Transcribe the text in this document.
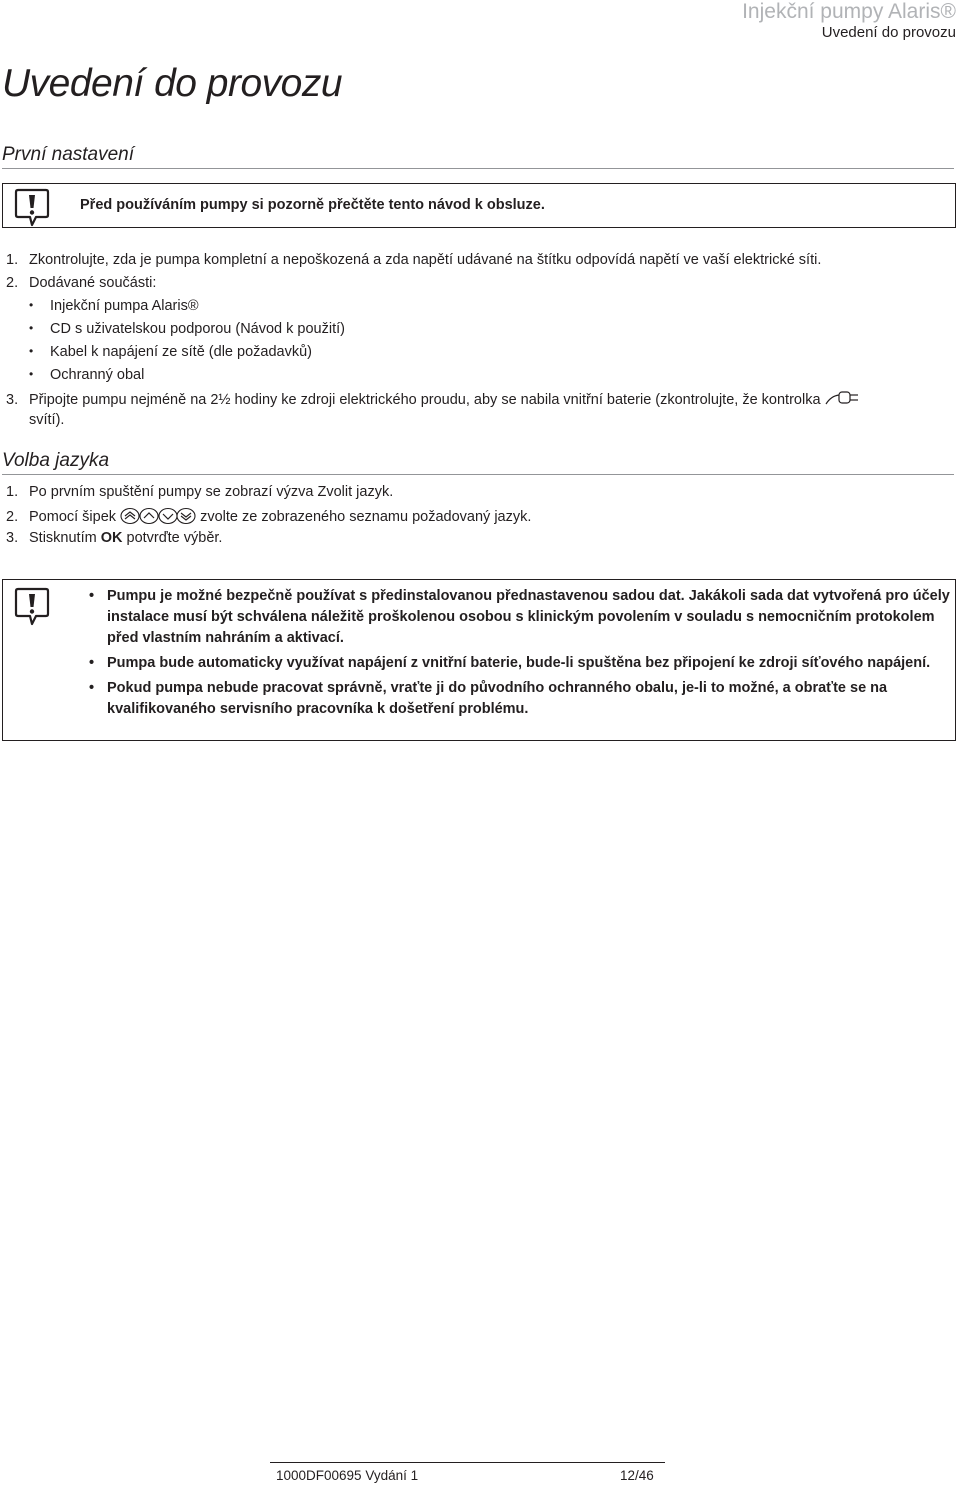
Injekční pumpy Alaris®
Uvedení do provozu
Uvedení do provozu
První nastavení
Před používáním pumpy si pozorně přečtěte tento návod k obsluze.
1. Zkontrolujte, zda je pumpa kompletní a nepoškozená a zda napětí udávané na štítku odpovídá napětí ve vaší elektrické síti.
2. Dodávané součásti:
• Injekční pumpa Alaris®
• CD s uživatelskou podporou (Návod k použití)
• Kabel k napájení ze sítě (dle požadavků)
• Ochranný obal
3. Připojte pumpu nejméně na 2½ hodiny ke zdroji elektrického proudu, aby se nabila vnitřní baterie (zkontrolujte, že kontrolka
svítí).
Volba jazyka
1. Po prvním spuštění pumpy se zobrazí výzva Zvolit jazyk.
2. Pomocí šipek	zvolte ze zobrazeného seznamu požadovaný jazyk.
3. Stisknutím OK potvrďte výběr.
• Pumpu je možné bezpečně používat s předinstalovanou přednastavenou sadou dat. Jakákoli sada dat vytvořená pro účely instalace musí být schválena náležitě proškolenou osobou s klinickým povolením v souladu s nemocničním protokolem před vlastním nahráním a aktivací.
• Pumpa bude automaticky využívat napájení z vnitřní baterie, bude-li spuštěna bez připojení ke zdroji síťového napájení.
• Pokud pumpa nebude pracovat správně, vraťte ji do původního ochranného obalu, je-li to možné, a obraťte se na kvalifikovaného servisního pracovníka k došetření problému.
1000DF00695 Vydání 1	12/46
